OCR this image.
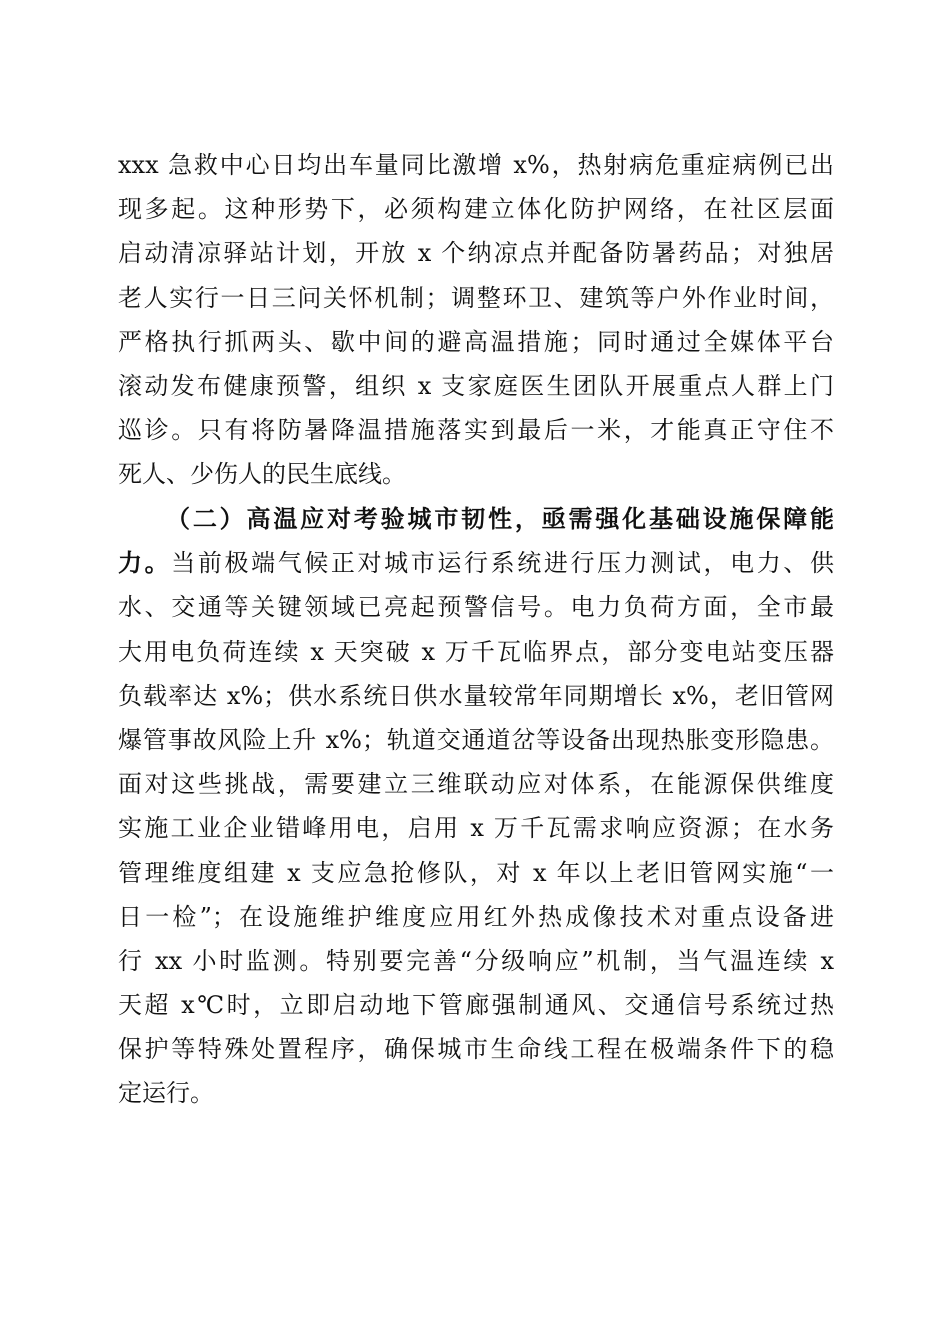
xxx 急救中心日均出车量同比激增 x%，热射病危重症病例已出
现多起。这种形势下，必须构建立体化防护网络，在社区层面
启动清凉驿站计划，开放 x 个纳凉点并配备防暑药品；对独居
老人实行一日三问关怀机制；调整环卫、建筑等户外作业时间，
严格执行抓两头、歇中间的避高温措施；同时通过全媒体平台
滚动发布健康预警，组织 x 支家庭医生团队开展重点人群上门
巡诊。只有将防暑降温措施落实到最后一米，才能真正守住不
死人、少伤人的民生底线。
（二）高温应对考验城市韧性，亟需强化基础设施保障能
力。当前极端气候正对城市运行系统进行压力测试，电力、供
水、交通等关键领域已亮起预警信号。电力负荷方面，全市最
大用电负荷连续 x 天突破 x 万千瓦临界点，部分变电站变压器
负载率达 x%；供水系统日供水量较常年同期增长 x%，老旧管网
爆管事故风险上升 x%；轨道交通道岔等设备出现热胀变形隐患。
面对这些挑战，需要建立三维联动应对体系，在能源保供维度
实施工业企业错峰用电，启用 x 万千瓦需求响应资源；在水务
管理维度组建 x 支应急抢修队，对 x 年以上老旧管网实施“一
日一检”；在设施维护维度应用红外热成像技术对重点设备进
行 xx 小时监测。特别要完善“分级响应”机制，当气温连续 x
天超 x℃时，立即启动地下管廊强制通风、交通信号系统过热
保护等特殊处置程序，确保城市生命线工程在极端条件下的稳
定运行。
